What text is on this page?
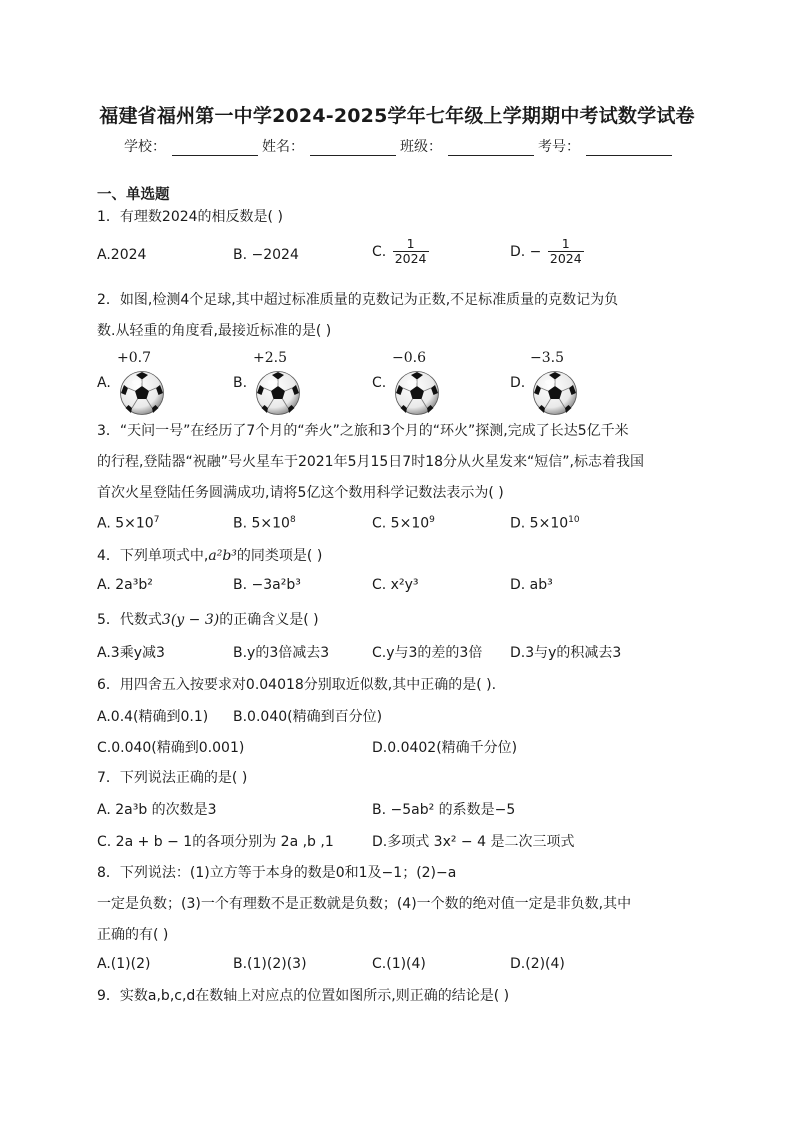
福建省福州第一中学2024-2025学年七年级上学期期中考试数学试卷
学校：	姓名：	班级：	考号：
一、单选题
1．有理数2024的相反数是( )
A.2024	B. −2024	C. $\frac{1}{2024}$	D. − $\frac{1}{2024}$
2．如图,检测4个足球,其中超过标准质量的克数记为正数,不足标准质量的克数记为负
数.从轻重的角度看,最接近标准的是( )
A.
+0.7
B.
+2.5
C.
−0.6
D.
−3.5
3．“天问一号”在经历了7个月的“奔火”之旅和3个月的“环火”探测,完成了长达5亿千米
的行程,登陆器“祝融”号火星车于2021年5月15日7时18分从火星发来“短信”,标志着我国
首次火星登陆任务圆满成功,请将5亿这个数用科学记数法表示为( )
A. $5\times 10^7$	B. $5\times 10^8$	C. $5\times 10^9$	D. $5\times 10^{10}$
4．下列单项式中,a²b³的同类项是( )
A. 2a³b²	B. −3a²b³	C. x²y³	D. ab³
5．代数式3(y − 3)的正确含义是( )
A.3乘y减3	B.y的3倍减去3	C.y与3的差的3倍 D.3与y的积减去3
6．用四舍五入按要求对0.04018分别取近似数,其中正确的是( ).
A.0.4(精确到0.1) B.0.040(精确到百分位)
C.0.040(精确到0.001)	D.0.0402(精确千分位)
7．下列说法正确的是( )
A. 2a³b 的次数是3	B. −5ab² 的系数是−5
C. 2a + b − 1的各项分别为 2a ,b ,1	D.多项式 3x² − 4 是二次三项式
8．下列说法：(1)立方等于本身的数是0和1及−1；(2)−a
一定是负数；(3)一个有理数不是正数就是负数；(4)一个数的绝对值一定是非负数,其中
正确的有( )
A.(1)(2)	B.(1)(2)(3)	C.(1)(4)	D.(2)(4)
9．实数a,b,c,d在数轴上对应点的位置如图所示,则正确的结论是( )
